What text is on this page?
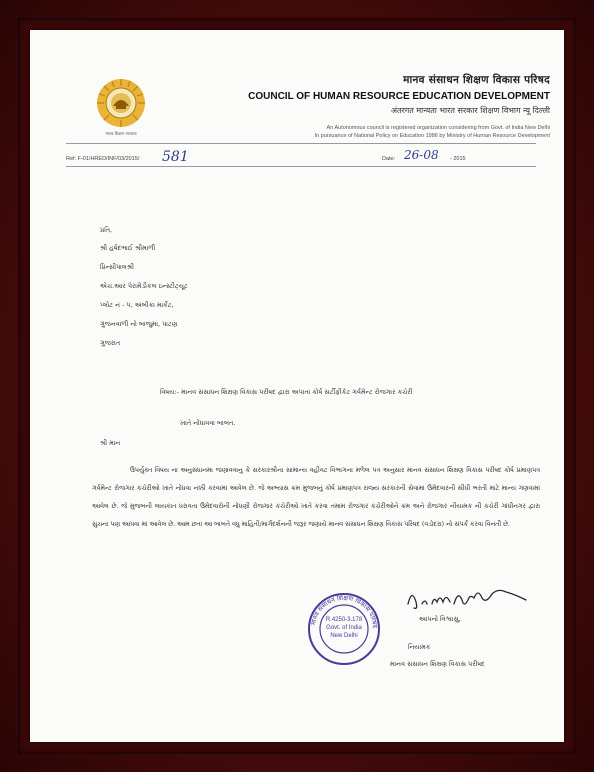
मानव शिक्षण मानवता
मानव संसाधन शिक्षण विकास परिषद
COUNCIL OF HUMAN RESOURCE EDUCATION DEVELOPMENT
अंतरगत मान्यता भारत सरकार शिक्षण विभाग न्यू दिल्ली
An Autonomous council is registered organization considering from Govt. of India New Delhi
In pursuance of National Policy on Education 1986 by Ministry of Human Resource Development
Ref: F-01/HRED/INF/03/2015/ 581	Date: 26-08 - 2015
પ્રતિ,
શ્રી હર્ષદભાઈ શ્રીમાળી
પ્રિન્સીપાલશ્રી
એચ.આર પેરામેડીકલ ઇન્સ્ટીટ્યૂટ
પ્લોટ નં - ૫, અંબીકા માર્કેટ,
ગુંજનવાળી નો બાજુમા, પાટણ
ગુજરાત
વિષય:- માનવ સંસાધન શિક્ષણ વિકાસ પરીષદ દ્વારા અપાતા કોર્ષ સર્ટીફીકેટ ગર્વમેન્ટ રોજગાર કચેરી
ખાતે નોંધાવવા બાબત.
શ્રી માન
ઉપર્યુક્ત વિષય ના અનુસંધાનમા જણાવવાનુ કે સરકારશ્રીના સામાન્ય વહીવટ વિભાગના મળેલ પત્ર અનુસાર માનવ સંસાધન શિક્ષણ વિકાસ પરીષદ કોર્ષ પ્રમાણપત્ર ગર્વમેન્ટ રોજગાર કચેરીઓ ખાતે નોંધવા નક્કી કરવામાં આવેલ છે. જે અભ્યાસ ક્રમ મુજબનું કોર્ષ પ્રમાણપત્ર રાજ્ય સરકારની સેવામાં ઉમેદવારની સીધી ભરતી માટે માન્ય ગણવામાં આવેલ છે. જે મુજબની લાયકાત ધરાવતા ઉમેદવારોની નોંધણી રોજગાર કચેરીઓ ખાતે કરવા તમામ રોજગાર કચેરીઓને ક્રમ અને રોજગાર નીયામક ની કચેરી ગાંધીનગર દ્વારા સુચના પણ આપવા માં આવેલ છે. આમ છતા આ બાબતે વધુ માહિતી/માર્ગદર્શનની જરૂર જણાયે માનવ સંસાધન શિક્ષણ વિકાસ પરિષદ (વડોદરા) નો સંપર્ક કરવા વિનંતી છે.
આપનો વિશ્વાસુ,
નિયામક
માનવ સંસાધન શિક્ષણ વિકાસ પરીષદ
मानव संसाधन शिक्षण विकास परिषद
R.4250-3.178
Govt. of India
New Delhi
